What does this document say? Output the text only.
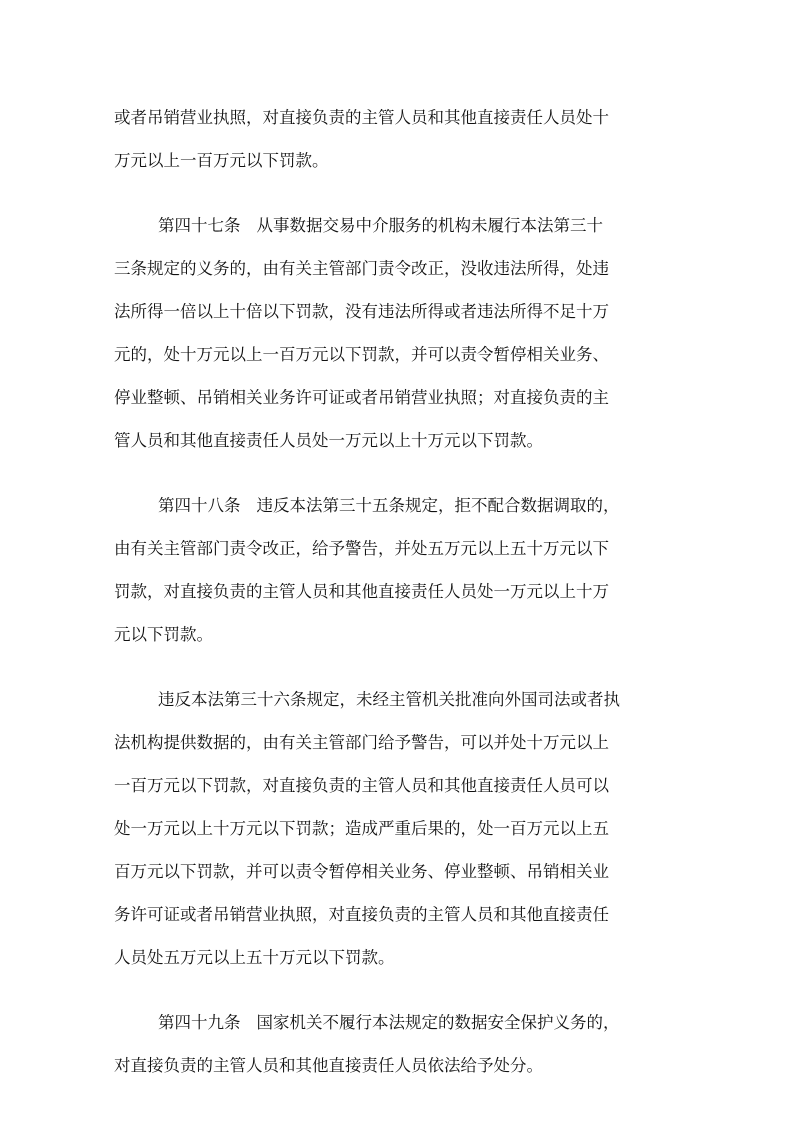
或者吊销营业执照，对直接负责的主管人员和其他直接责任人员处十
万元以上一百万元以下罚款。
第四十七条 从事数据交易中介服务的机构未履行本法第三十
三条规定的义务的，由有关主管部门责令改正，没收违法所得，处违
法所得一倍以上十倍以下罚款，没有违法所得或者违法所得不足十万
元的，处十万元以上一百万元以下罚款，并可以责令暂停相关业务、
停业整顿、吊销相关业务许可证或者吊销营业执照；对直接负责的主
管人员和其他直接责任人员处一万元以上十万元以下罚款。
第四十八条 违反本法第三十五条规定，拒不配合数据调取的，
由有关主管部门责令改正，给予警告，并处五万元以上五十万元以下
罚款，对直接负责的主管人员和其他直接责任人员处一万元以上十万
元以下罚款。
违反本法第三十六条规定，未经主管机关批准向外国司法或者执
法机构提供数据的，由有关主管部门给予警告，可以并处十万元以上
一百万元以下罚款，对直接负责的主管人员和其他直接责任人员可以
处一万元以上十万元以下罚款；造成严重后果的，处一百万元以上五
百万元以下罚款，并可以责令暂停相关业务、停业整顿、吊销相关业
务许可证或者吊销营业执照，对直接负责的主管人员和其他直接责任
人员处五万元以上五十万元以下罚款。
第四十九条 国家机关不履行本法规定的数据安全保护义务的，
对直接负责的主管人员和其他直接责任人员依法给予处分。
